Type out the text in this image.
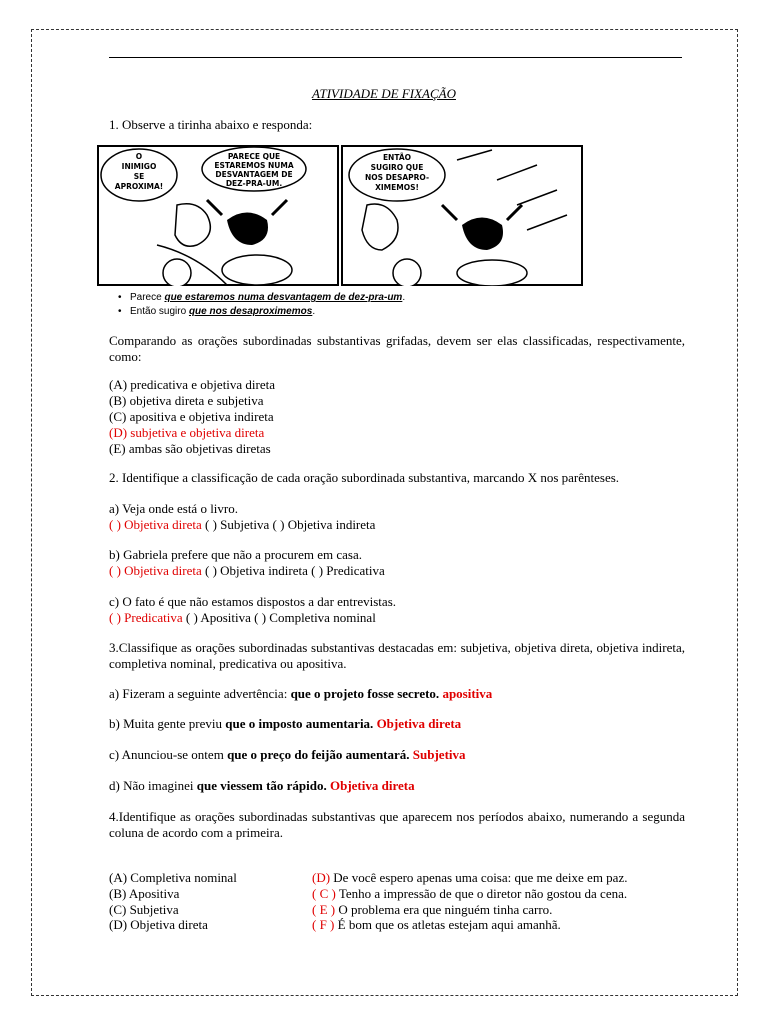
ATIVIDADE DE FIXAÇÃO
1. Observe a tirinha abaixo e responda:
O
INIMIGO
SE
APROXIMA!
PARECE QUE
ESTAREMOS NUMA
DESVANTAGEM DE
DEZ-PRA-UM.
ENTÃO
SUGIRO QUE
NOS DESAPRO-
XIMEMOS!
• Parece que estaremos numa desvantagem de dez-pra-um.
• Então sugiro que nos desaproximemos.
Comparando as orações subordinadas substantivas grifadas, devem ser elas classificadas, respectivamente, como:
(A) predicativa e objetiva direta
(B) objetiva direta e subjetiva
(C) apositiva e objetiva indireta
(D) subjetiva e objetiva direta
(E) ambas são objetivas diretas
2. Identifique a classificação de cada oração subordinada substantiva, marcando X nos parênteses.
a) Veja onde está o livro.
( ) Objetiva direta ( ) Subjetiva ( ) Objetiva indireta
b) Gabriela prefere que não a procurem em casa.
( ) Objetiva direta ( ) Objetiva indireta ( ) Predicativa
c) O fato é que não estamos dispostos a dar entrevistas.
( ) Predicativa ( ) Apositiva ( ) Completiva nominal
3.Classifique as orações subordinadas substantivas destacadas em: subjetiva, objetiva direta, objetiva indireta, completiva nominal, predicativa ou apositiva.
a) Fizeram a seguinte advertência: que o projeto fosse secreto. apositiva
b) Muita gente previu que o imposto aumentaria. Objetiva direta
c) Anunciou-se ontem que o preço do feijão aumentará. Subjetiva
d) Não imaginei que viessem tão rápido. Objetiva direta
4.Identifique as orações subordinadas substantivas que aparecem nos períodos abaixo, numerando a segunda coluna de acordo com a primeira.
(A) Completiva nominal
(B) Apositiva
(C) Subjetiva
(D) Objetiva direta
(D) De você espero apenas uma coisa: que me deixe em paz.
( C ) Tenho a impressão de que o diretor não gostou da cena.
( E ) O problema era que ninguém tinha carro.
( F ) É bom que os atletas estejam aqui amanhã.
